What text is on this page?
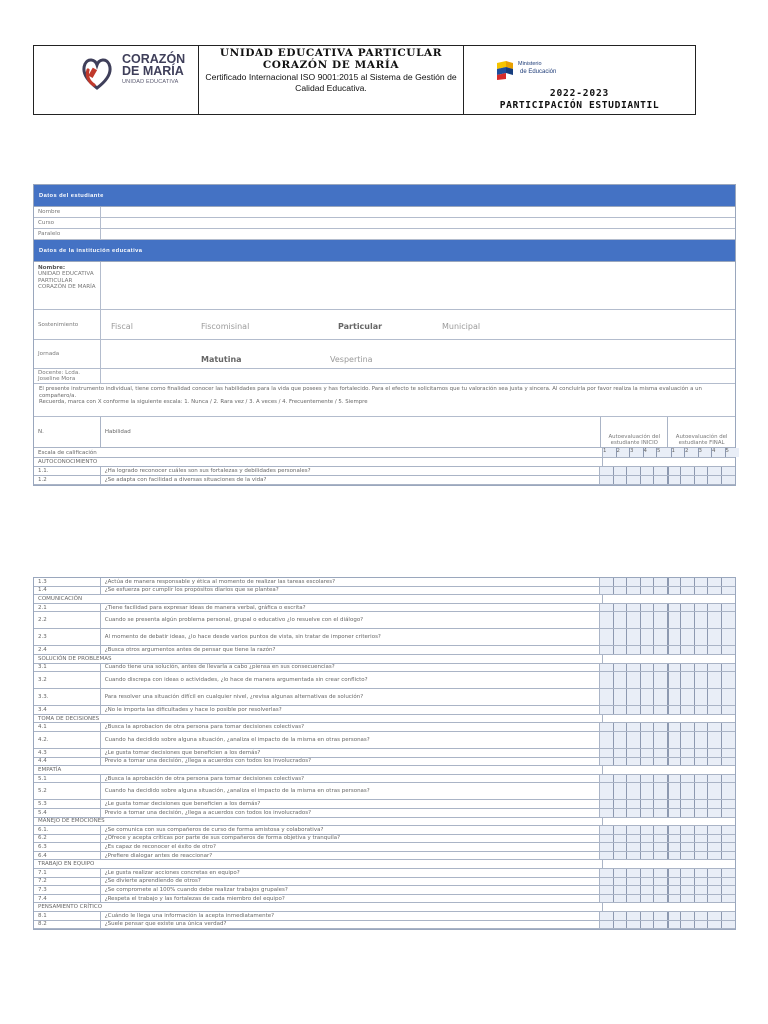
CORAZÓN
DE MARÍA
UNIDAD EDUCATIVA
UNIDAD EDUCATIVA PARTICULAR
CORAZÓN DE MARÍA
Certificado Internacional ISO 9001:2015 al Sistema de Gestión de Calidad Educativa.
Ministerio
de Educación
2022-2023
PARTICIPACIÓN ESTUDIANTIL
Datos del estudiante
Nombre
Curso
Paralelo
Datos de la institución educativa
Nombre:
UNIDAD EDUCATIVA PARTICULAR CORAZÓN DE MARÍA
Sostenimiento	Fiscal	Fiscomisinal	Particular	Municipal
Jornada
Matutina	Vespertina
Docente: Lcda. Joseline Mora
El presente instrumento individual, tiene como finalidad conocer las habilidades para la vida que posees y has fortalecido. Para el efecto te solicitamos que tu valoración sea justa y sincera. Al concluirla por favor realiza la misma evaluación a un compañero/a.
Recuerda, marca con X conforme la siguiente escala: 1. Nunca / 2. Rara vez / 3. A veces / 4. Frecuentemente / 5. Siempre
N.	Habilidad
Autoevaluación del estudiante INICIO
Autoevaluación del estudiante FINAL
Escala de calificación	1	2	3	4	5	1	2	3	4	5
AUTOCONOCIMIENTO
1.1.	¿Ha logrado reconocer cuáles son sus fortalezas y debilidades personales?
1.2	¿Se adapta con facilidad a diversas situaciones de la vida?
1.3	¿Actúa de manera responsable y ética al momento de realizar las tareas escolares?
1.4	¿Se esfuerza por cumplir los propósitos diarios que se plantea?
COMUNICACIÓN
2.1	¿Tiene facilidad para expresar ideas de manera verbal, gráfica o escrita?
2.2	Cuando se presenta algún problema personal, grupal o educativo ¿lo resuelve con el diálogo?
2.3	Al momento de debatir ideas, ¿lo hace desde varios puntos de vista, sin tratar de imponer criterios?
2.4	¿Busca otros argumentos antes de pensar que tiene la razón?
SOLUCIÓN DE PROBLEMAS
3.1	Cuando tiene una solución, antes de llevarla a cabo ¿piensa en sus consecuencias?
3.2	Cuando discrepa con ideas o actividades, ¿lo hace de manera argumentada sin crear conflicto?
3.3.	Para resolver una situación difícil en cualquier nivel, ¿revisa algunas alternativas de solución?
3.4	¿No le importa las dificultades y hace lo posible por resolverlas?
TOMA DE DECISIONES
4.1	¿Busca la aprobacion de otra persona para tomar decisiones colectivas?
4.2.	Cuando ha decidido sobre alguna situación, ¿analiza el impacto de la misma en otras personas?
4.3	¿Le gusta tomar decisiones que beneficien a los demás?
4.4	Previo a tomar una decisión, ¿llega a acuerdos con todos los involucrados?
EMPATÍA
5.1	¿Busca la aprobación de otra persona para tomar decisiones colectivas?
5.2	Cuando ha decidido sobre alguna situación, ¿analiza el impacto de la misma en otras personas?
5.3	¿Le gusta tomar decisiones que beneficien a los demás?
5.4	Previo a tomar una decisión, ¿llega a acuerdos con todos los involucrados?
MANEJO DE EMOCIONES
6.1.	¿Se comunica con sus compañeros de curso de forma amistosa y colaborativa?
6.2	¿Ofrece y acepta críticas por parte de sus compañeros de forma objetiva y tranquila?
6.3	¿Es capaz de reconocer el éxito de otro?
6.4	¿Prefiere dialogar antes de reaccionar?
TRABAJO EN EQUIPO
7.1	¿Le gusta realizar acciones concretas en equipo?
7.2	¿Se divierte aprendiendo de otros?
7.3	¿Se compromete al 100% cuando debe realizar trabajos grupales?
7.4	¿Respeta el trabajo y las fortalezas de cada miembro del equipo?
PENSAMIENTO CRÍTICO
8.1	¿Cuándo le llega una información la acepta inmediatamente?
8.2	¿Suele pensar que existe una única verdad?
